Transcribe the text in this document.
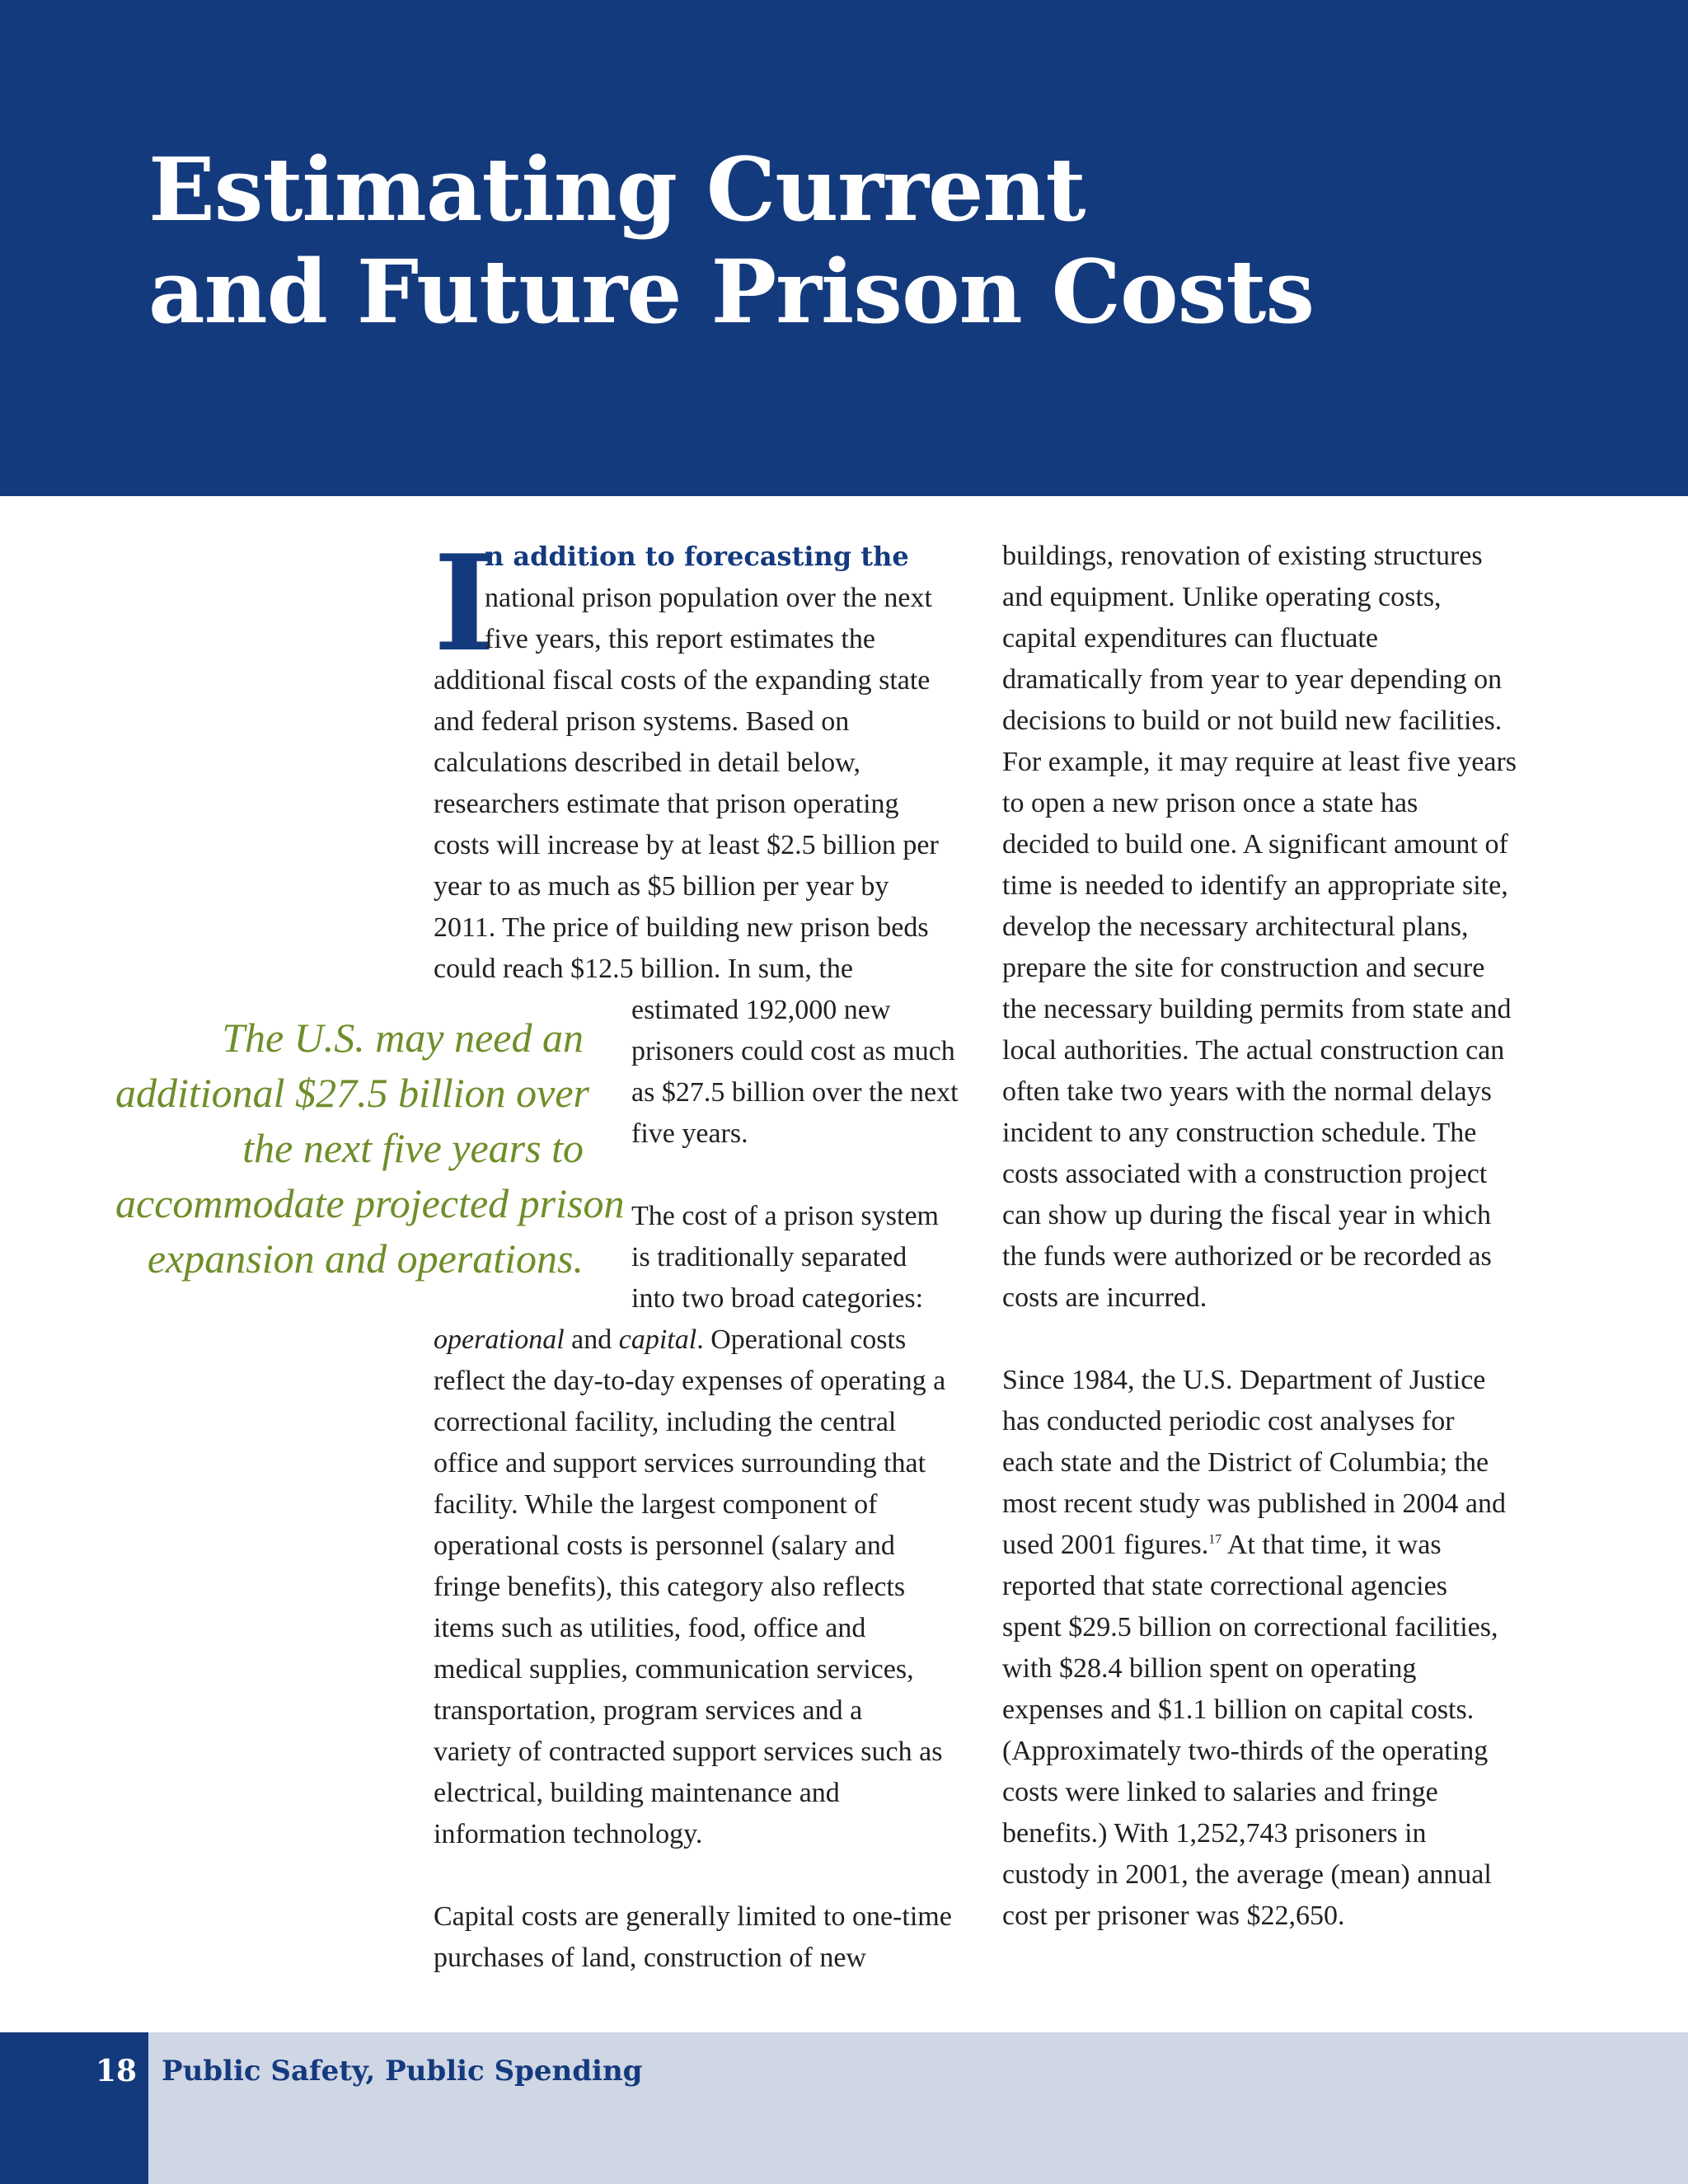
Estimating Current
and Future Prison Costs
I

n addition to forecasting the
national prison population over the next
five years, this report estimates the
additional fiscal costs of the expanding state
and federal prison systems. Based on
calculations described in detail below,
researchers estimate that prison operating
costs will increase by at least $2.5 billion per
year to as much as $5 billion per year by
2011. The price of building new prison beds
could reach $12.5 billion. In sum, the
estimated 192,000 new
prisoners could cost as much
as $27.5 billion over the next
five years.

The cost of a prison system
is traditionally separated
into two broad categories:
operational and capital. Operational costs
reflect the day-to-day expenses of operating a
correctional facility, including the central
office and support services surrounding that
facility. While the largest component of
operational costs is personnel (salary and
fringe benefits), this category also reflects
items such as utilities, food, office and
medical supplies, communication services,
transportation, program services and a
variety of contracted support services such as
electrical, building maintenance and
information technology.

Capital costs are generally limited to one-time
purchases of land, construction of new

The U.S. may need an
additional $27.5 billion over
the next five years to
accommodate projected prison
expansion and operations.

buildings, renovation of existing structures
and equipment. Unlike operating costs,
capital expenditures can fluctuate
dramatically from year to year depending on
decisions to build or not build new facilities.
For example, it may require at least five years
to open a new prison once a state has
decided to build one. A significant amount of
time is needed to identify an appropriate site,
develop the necessary architectural plans,
prepare the site for construction and secure
the necessary building permits from state and
local authorities. The actual construction can
often take two years with the normal delays
incident to any construction schedule. The
costs associated with a construction project
can show up during the fiscal year in which
the funds were authorized or be recorded as
costs are incurred.

Since 1984, the U.S. Department of Justice
has conducted periodic cost analyses for
each state and the District of Columbia; the
most recent study was published in 2004 and
used 2001 figures.$^{17}$ At that time, it was
reported that state correctional agencies
spent $29.5 billion on correctional facilities,
with $28.4 billion spent on operating
expenses and $1.1 billion on capital costs.
(Approximately two-thirds of the operating
costs were linked to salaries and fringe
benefits.) With 1,252,743 prisoners in
custody in 2001, the average (mean) annual
cost per prisoner was $22,650.

18 Public Safety, Public Spending
